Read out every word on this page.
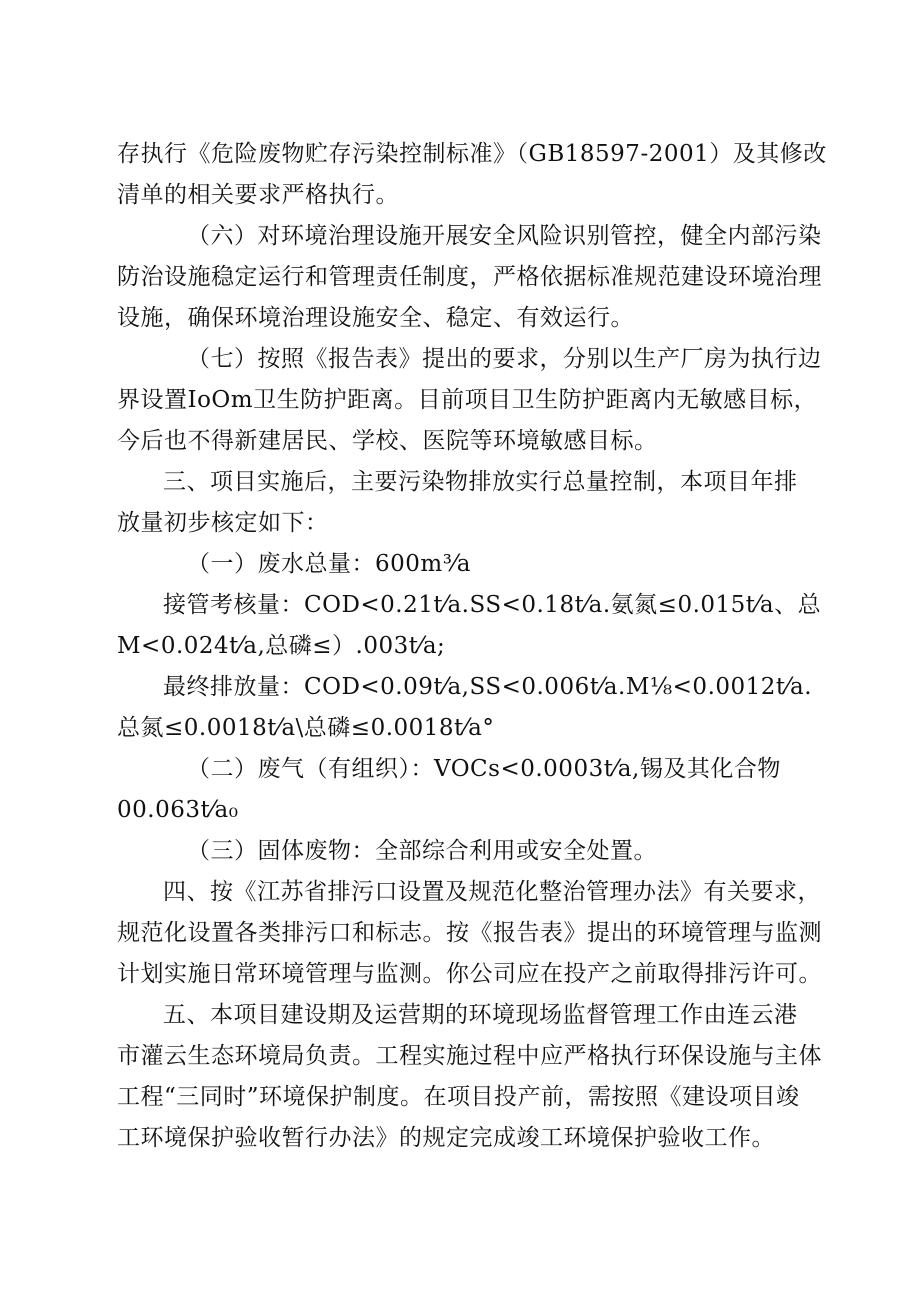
存执行《危险废物贮存污染控制标准》（GB18597-2001）及其修改
清单的相关要求严格执行。
（六）对环境治理设施开展安全风险识别管控，健全内部污染
防治设施稳定运行和管理责任制度，严格依据标准规范建设环境治理
设施，确保环境治理设施安全、稳定、有效运行。
（七）按照《报告表》提出的要求，分别以生产厂房为执行边
界设置IoOm卫生防护距离。目前项目卫生防护距离内无敏感目标，
今后也不得新建居民、学校、医院等环境敏感目标。
三、项目实施后，主要污染物排放实行总量控制，本项目年排
放量初步核定如下：
（一）废水总量：600m³⁄a
接管考核量：COD<0.21t⁄a.SS<0.18t⁄a.氨氮≤0.015t⁄a、总
M<0.024t⁄a,总磷≤）.003t⁄a;
最终排放量：COD<0.09t⁄a,SS<0.006t⁄a.M⅛<0.0012t⁄a.
总氮≤0.0018t⁄a\总磷≤0.0018t⁄a°
（二）废气（有组织）：VOCs<0.0003t⁄a,锡及其化合物
00.063t⁄a₀
（三）固体废物：全部综合利用或安全处置。
四、按《江苏省排污口设置及规范化整治管理办法》有关要求，
规范化设置各类排污口和标志。按《报告表》提出的环境管理与监测
计划实施日常环境管理与监测。你公司应在投产之前取得排污许可。
五、本项目建设期及运营期的环境现场监督管理工作由连云港
市灌云生态环境局负责。工程实施过程中应严格执行环保设施与主体
工程“三同时”环境保护制度。在项目投产前，需按照《建设项目竣
工环境保护验收暂行办法》的规定完成竣工环境保护验收工作。
